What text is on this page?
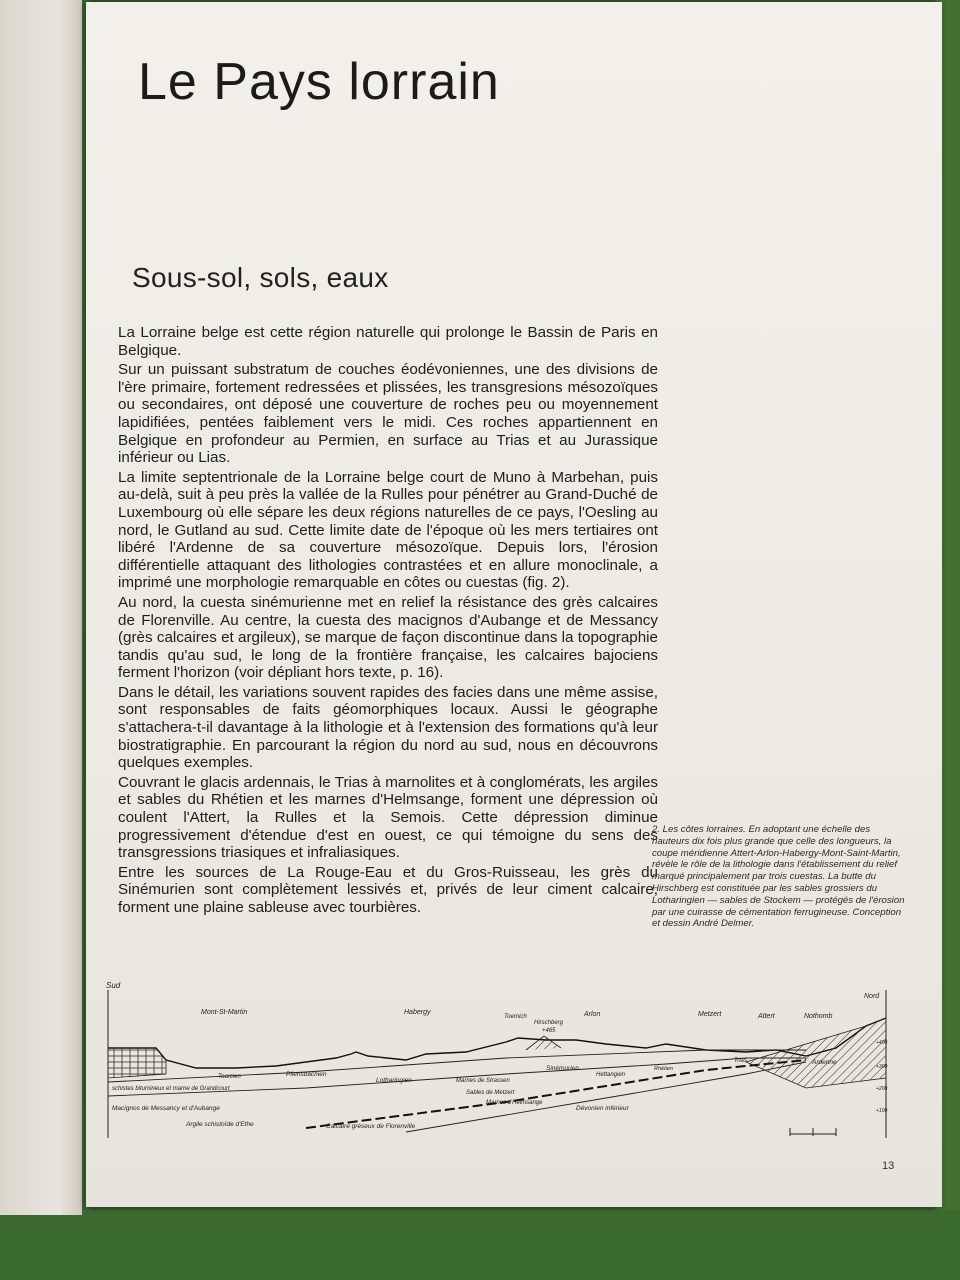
Le Pays lorrain
Sous-sol, sols, eaux

La Lorraine belge est cette région naturelle qui prolonge le Bassin de Paris en Belgique.

Sur un puissant substratum de couches éodévoniennes, une des divisions de l'ère primaire, fortement redressées et plissées, les transgresions mésozoïques ou secondaires, ont déposé une couverture de roches peu ou moyennement lapidifiées, pentées faiblement vers le midi. Ces roches appartiennent en Belgique en profondeur au Permien, en surface au Trias et au Jurassique inférieur ou Lias.

La limite septentrionale de la Lorraine belge court de Muno à Marbehan, puis au-delà, suit à peu près la vallée de la Rulles pour pénétrer au Grand-Duché de Luxembourg où elle sépare les deux régions naturelles de ce pays, l'Oesling au nord, le Gutland au sud. Cette limite date de l'époque où les mers tertiaires ont libéré l'Ardenne de sa couverture mésozoïque. Depuis lors, l'érosion différentielle attaquant des lithologies contrastées et en allure monoclinale, a imprimé une morphologie remarquable en côtes ou cuestas (fig. 2).

Au nord, la cuesta sinémurienne met en relief la résistance des grès calcaires de Florenville. Au centre, la cuesta des macignos d'Aubange et de Messancy (grès calcaires et argileux), se marque de façon discontinue dans la topographie tandis qu'au sud, le long de la frontière française, les calcaires bajociens ferment l'horizon (voir dépliant hors texte, p. 16).

Dans le détail, les variations souvent rapides des facies dans une même assise, sont responsables de faits géomorphiques locaux. Aussi le géographe s'attachera-t-il davantage à la lithologie et à l'extension des formations qu'à leur biostratigraphie. En parcourant la région du nord au sud, nous en découvrons quelques exemples.

Couvrant le glacis ardennais, le Trias à marnolites et à conglomérats, les argiles et sables du Rhétien et les marnes d'Helmsange, forment une dépression où coulent l'Attert, la Rulles et la Semois. Cette dépression diminue progressivement d'étendue d'est en ouest, ce qui témoigne du sens des transgressions triasiques et infraliasiques.

Entre les sources de La Rouge-Eau et du Gros-Ruisseau, les grès du Sinémurien sont complètement lessivés et, privés de leur ciment calcaire, forment une plaine sableuse avec tourbières.

2. Les côtes lorraines. En adoptant une échelle des hauteurs dix fois plus grande que celle des longueurs, la coupe méridienne Attert-Arlon-Habergy-Mont-Saint-Martin, révèle le rôle de la lithologie dans l'établissement du relief marqué principalement par trois cuestas. La butte du Hirschberg est constituée par les sables grossiers du Lotharingien — sables de Stockem — protégés de l'érosion par une cuirasse de cémentation ferrugineuse. Conception et dessin André Delmer.
Sud
Nord
Mont-St-Martin	Habergy
Toernich
Hirschberg
+465
Arlon	Metzert	Attert	Nothomb
schistes bitumineux et marne de Grandcourt
Toarcien
Macignos de Messancy et d'Aubange
Argile schistoïde d'Ethe
Pliensbachien
Lotharingien	Marnes de Strassen
Sinémurien
Hettangien
Rhétien
Trias	Ardenne
Sables de Metzert
Marnes d'Helmsange
Calcaire gréseux de Florenville
Dévonien inférieur
+400
+300
+200
+100
13
